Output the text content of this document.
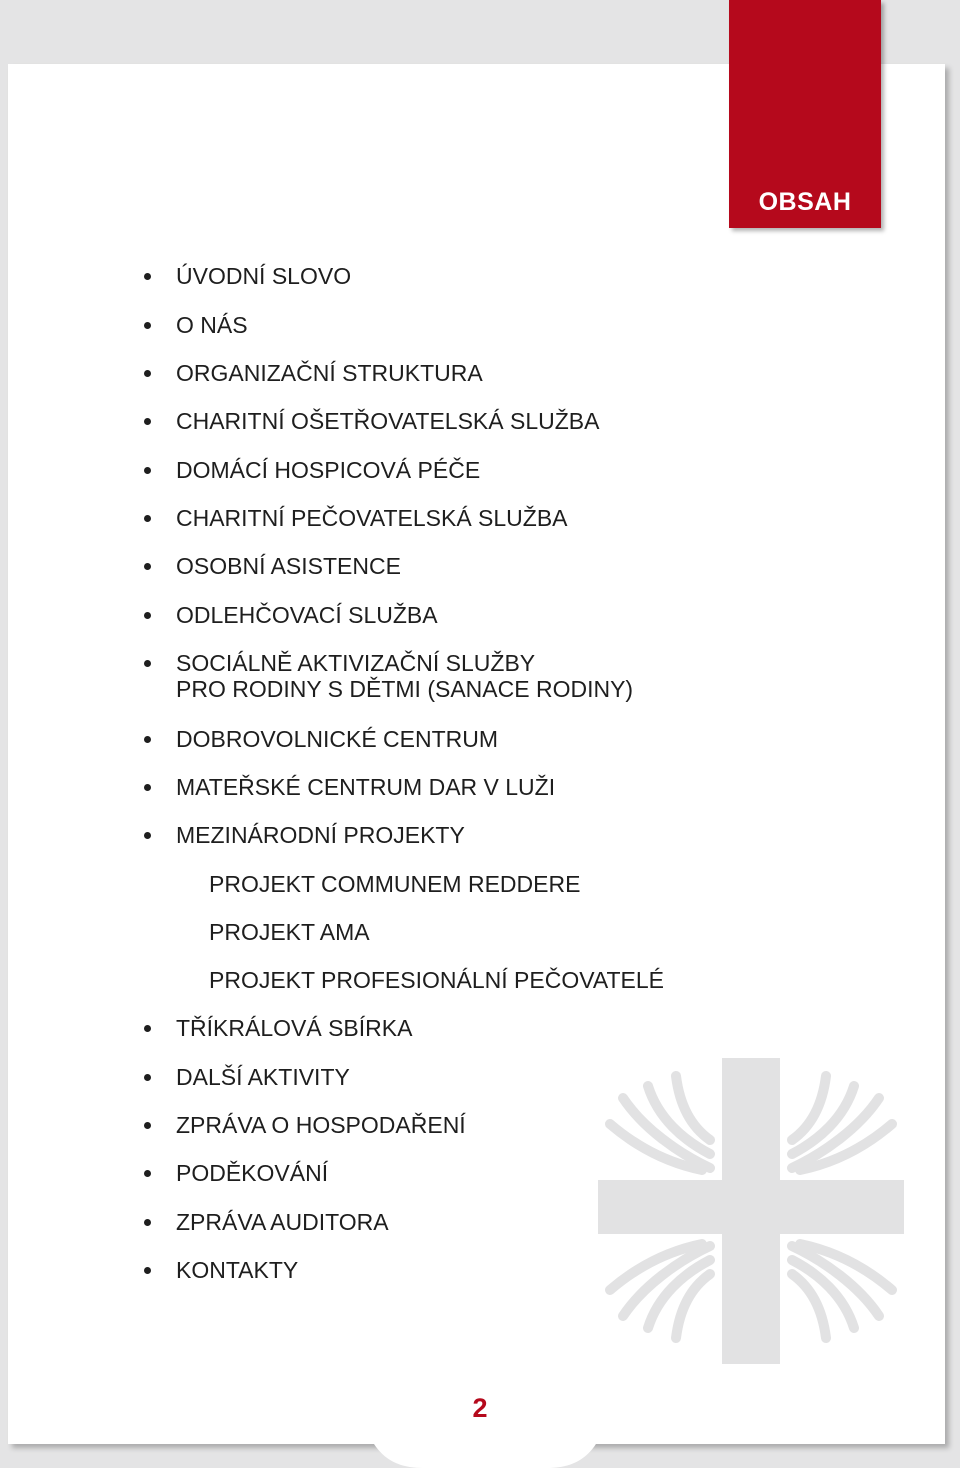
OBSAH
ÚVODNÍ SLOVO
O NÁS
ORGANIZAČNÍ STRUKTURA
CHARITNÍ OŠETŘOVATELSKÁ SLUŽBA
DOMÁCÍ HOSPICOVÁ PÉČE
CHARITNÍ PEČOVATELSKÁ SLUŽBA
OSOBNÍ ASISTENCE
ODLEHČOVACÍ SLUŽBA
SOCIÁLNĚ AKTIVIZAČNÍ SLUŽBY
PRO RODINY S DĚTMI (SANACE RODINY)
DOBROVOLNICKÉ CENTRUM
MATEŘSKÉ CENTRUM DAR V LUŽI
MEZINÁRODNÍ PROJEKTY
PROJEKT COMMUNEM REDDERE
PROJEKT AMA
PROJEKT PROFESIONÁLNÍ PEČOVATELÉ
TŘÍKRÁLOVÁ SBÍRKA
DALŠÍ AKTIVITY
ZPRÁVA O HOSPODAŘENÍ
PODĚKOVÁNÍ
ZPRÁVA AUDITORA
KONTAKTY
2
